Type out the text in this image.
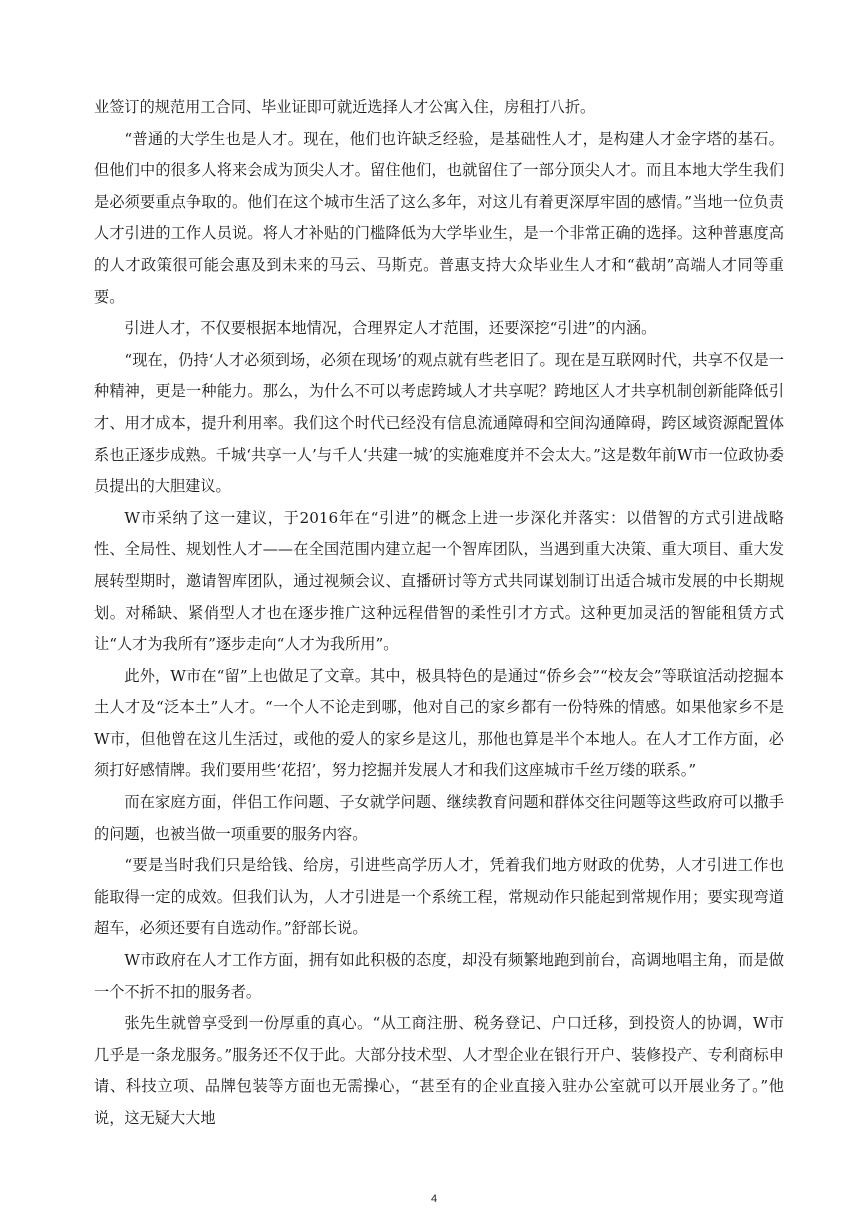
业签订的规范用工合同、毕业证即可就近选择人才公寓入住，房租打八折。

“普通的大学生也是人才。现在，他们也许缺乏经验，是基础性人才，是构建人才金字塔的基石。但他们中的很多人将来会成为顶尖人才。留住他们，也就留住了一部分顶尖人才。而且本地大学生我们是必须要重点争取的。他们在这个城市生活了这么多年，对这儿有着更深厚牢固的感情。”当地一位负责人才引进的工作人员说。将人才补贴的门槛降低为大学毕业生，是一个非常正确的选择。这种普惠度高的人才政策很可能会惠及到未来的马云、马斯克。普惠支持大众毕业生人才和“截胡”高端人才同等重要。

引进人才，不仅要根据本地情况，合理界定人才范围，还要深挖“引进”的内涵。

“现在，仍持‘人才必须到场，必须在现场’的观点就有些老旧了。现在是互联网时代，共享不仅是一种精神，更是一种能力。那么，为什么不可以考虑跨域人才共享呢？跨地区人才共享机制创新能降低引才、用才成本，提升利用率。我们这个时代已经没有信息流通障碍和空间沟通障碍，跨区域资源配置体系也正逐步成熟。千城‘共享一人’与千人‘共建一城’的实施难度并不会太大。”这是数年前W市一位政协委员提出的大胆建议。

W市采纳了这一建议，于2016年在“引进”的概念上进一步深化并落实：以借智的方式引进战略性、全局性、规划性人才——在全国范围内建立起一个智库团队，当遇到重大决策、重大项目、重大发展转型期时，邀请智库团队，通过视频会议、直播研讨等方式共同谋划制订出适合城市发展的中长期规划。对稀缺、紧俏型人才也在逐步推广这种远程借智的柔性引才方式。这种更加灵活的智能租赁方式让“人才为我所有”逐步走向“人才为我所用”。

此外，W市在“留”上也做足了文章。其中，极具特色的是通过“侨乡会”“校友会”等联谊活动挖掘本土人才及“泛本土”人才。“一个人不论走到哪，他对自己的家乡都有一份特殊的情感。如果他家乡不是W市，但他曾在这儿生活过，或他的爱人的家乡是这儿，那他也算是半个本地人。在人才工作方面，必须打好感情牌。我们要用些‘花招’，努力挖掘并发展人才和我们这座城市千丝万缕的联系。”

而在家庭方面，伴侣工作问题、子女就学问题、继续教育问题和群体交往问题等这些政府可以撒手的问题，也被当做一项重要的服务内容。

“要是当时我们只是给钱、给房，引进些高学历人才，凭着我们地方财政的优势，人才引进工作也能取得一定的成效。但我们认为，人才引进是一个系统工程，常规动作只能起到常规作用；要实现弯道超车，必须还要有自选动作。”舒部长说。

W市政府在人才工作方面，拥有如此积极的态度，却没有频繁地跑到前台，高调地唱主角，而是做一个不折不扣的服务者。

张先生就曾享受到一份厚重的真心。“从工商注册、税务登记、户口迁移，到投资人的协调，W市几乎是一条龙服务。”服务还不仅于此。大部分技术型、人才型企业在银行开户、装修投产、专利商标申请、科技立项、品牌包装等方面也无需操心，“甚至有的企业直接入驻办公室就可以开展业务了。”他说，这无疑大大地

4
